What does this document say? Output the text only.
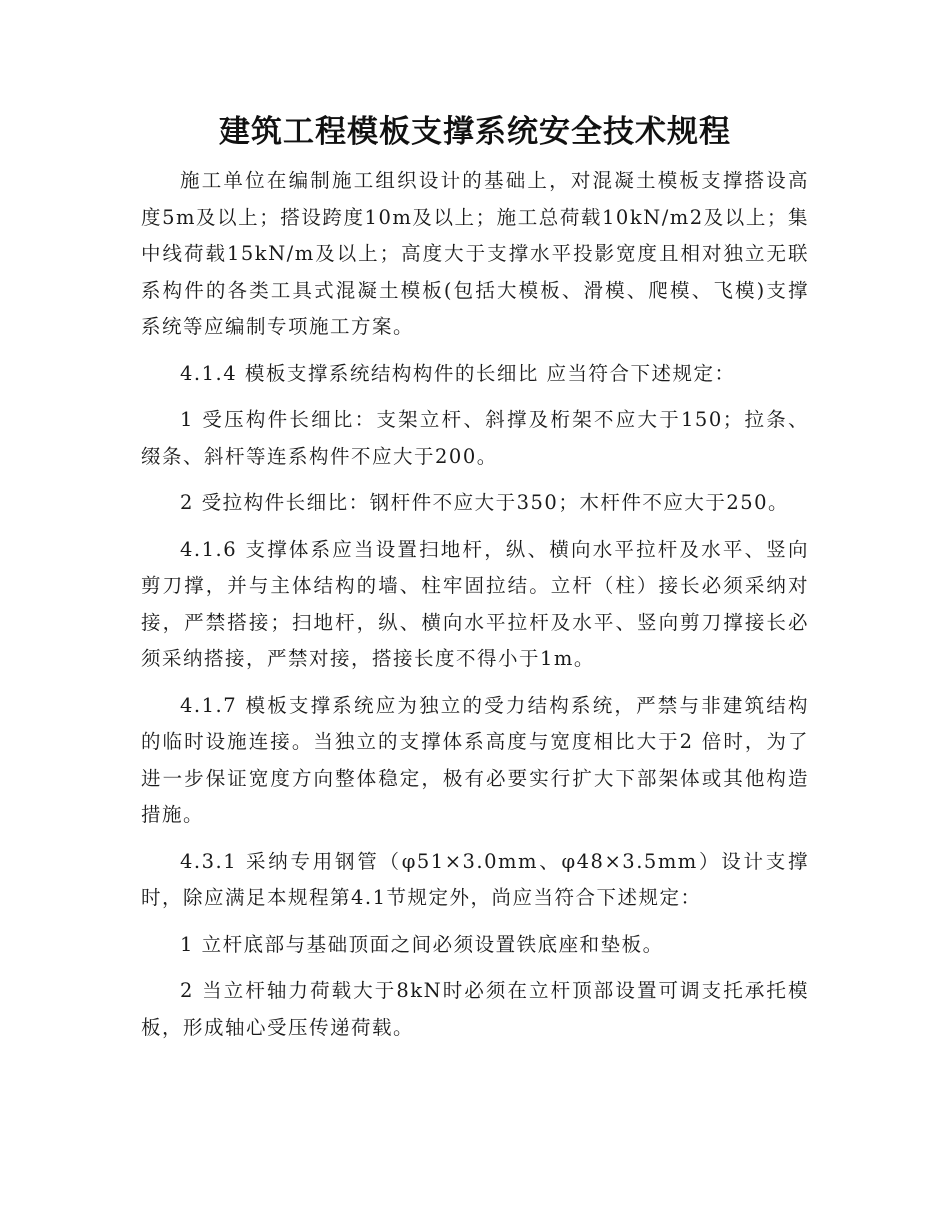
建筑工程模板支撑系统安全技术规程

施工单位在编制施工组织设计的基础上，对混凝土模板支撑搭设高度5m及以上；搭设跨度10m及以上；施工总荷载10kN/m2及以上；集中线荷载15kN/m及以上；高度大于支撑水平投影宽度且相对独立无联系构件的各类工具式混凝土模板(包括大模板、滑模、爬模、飞模)支撑系统等应编制专项施工方案。

4.1.4 模板支撑系统结构构件的长细比 应当符合下述规定：

1 受压构件长细比：支架立杆、斜撑及桁架不应大于150；拉条、缀条、斜杆等连系构件不应大于200。

2 受拉构件长细比：钢杆件不应大于350；木杆件不应大于250。

4.1.6 支撑体系应当设置扫地杆，纵、横向水平拉杆及水平、竖向剪刀撑，并与主体结构的墙、柱牢固拉结。立杆（柱）接长必须采纳对接，严禁搭接；扫地杆，纵、横向水平拉杆及水平、竖向剪刀撑接长必须采纳搭接，严禁对接，搭接长度不得小于1m。

4.1.7 模板支撑系统应为独立的受力结构系统，严禁与非建筑结构的临时设施连接。当独立的支撑体系高度与宽度相比大于2 倍时，为了进一步保证宽度方向整体稳定，极有必要实行扩大下部架体或其他构造措施。

4.3.1 采纳专用钢管（φ51×3.0mm、φ48×3.5mm）设计支撑时，除应满足本规程第4.1节规定外，尚应当符合下述规定：

1 立杆底部与基础顶面之间必须设置铁底座和垫板。

2 当立杆轴力荷载大于8kN时必须在立杆顶部设置可调支托承托模板，形成轴心受压传递荷载。
